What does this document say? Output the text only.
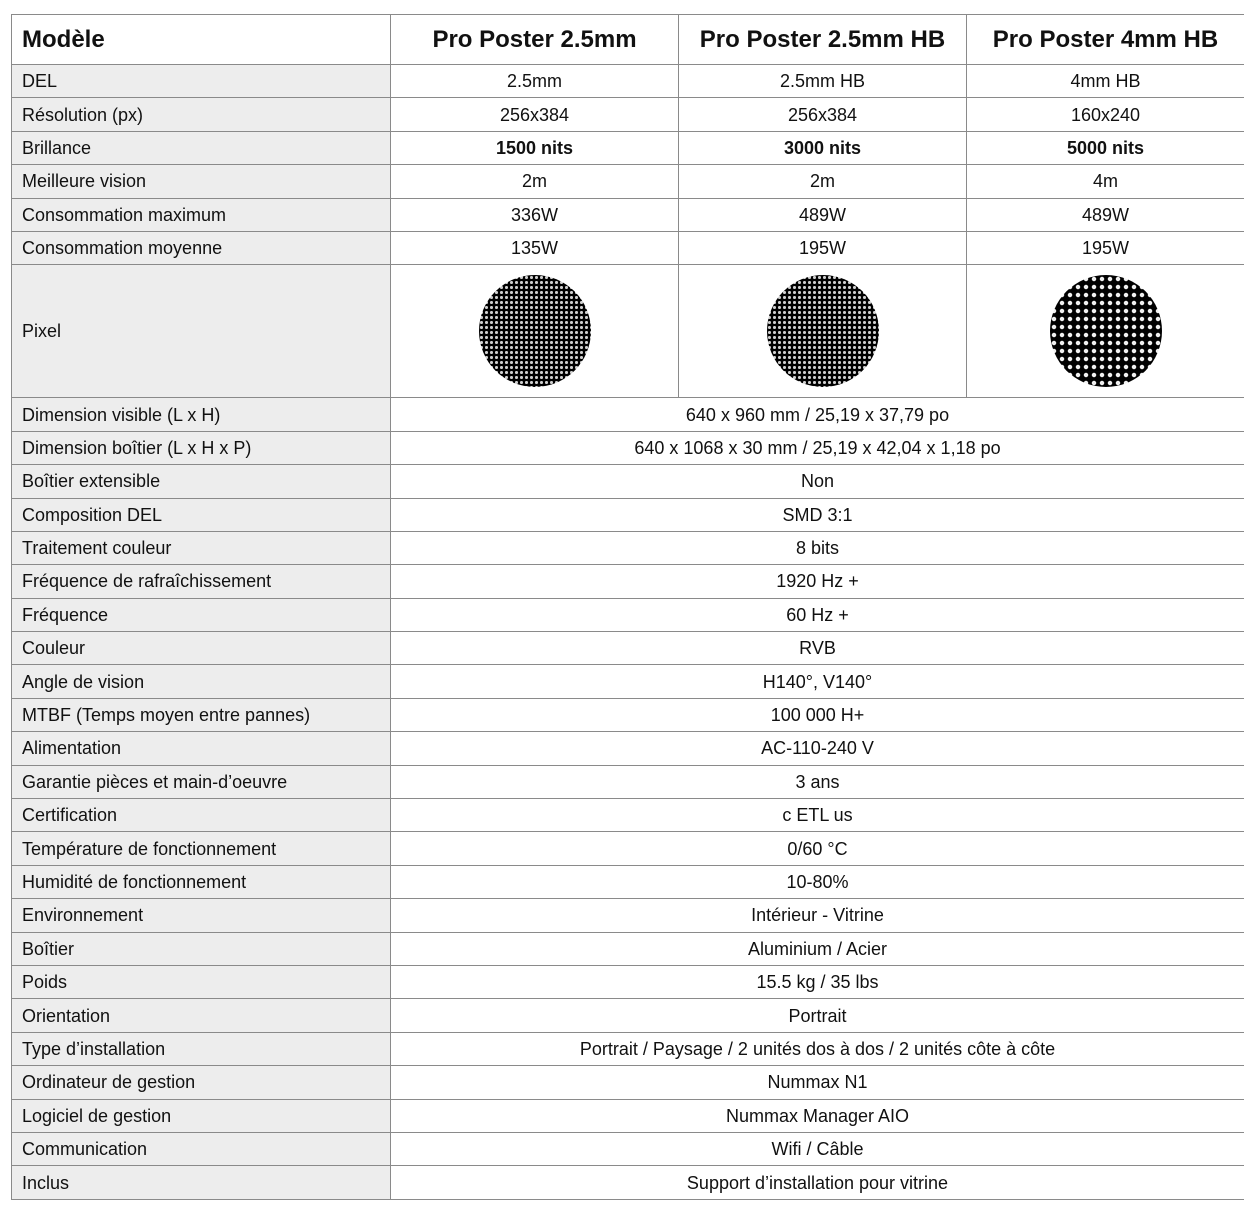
Modèle	Pro Poster 2.5mm	Pro Poster 2.5mm HB	Pro Poster 4mm HB
DEL	2.5mm	2.5mm HB	4mm HB
Résolution (px)	256x384	256x384	160x240
Brillance	1500 nits	3000 nits	5000 nits
Meilleure vision	2m	2m	4m
Consommation maximum	336W	489W	489W
Consommation moyenne	135W	195W	195W
Pixel			
Dimension visible (L x H)	640 x 960 mm / 25,19 x 37,79 po		
Dimension boîtier (L x H x P)	640 x 1068 x 30 mm / 25,19 x 42,04 x 1,18 po		
Boîtier extensible	Non		
Composition DEL	SMD 3:1		
Traitement couleur	8 bits		
Fréquence de rafraîchissement	1920 Hz +		
Fréquence	60 Hz +		
Couleur	RVB		
Angle de vision	H140°, V140°		
MTBF (Temps moyen entre pannes)	100 000 H+		
Alimentation	AC-110-240 V		
Garantie pièces et main-d’oeuvre	3 ans		
Certification	c ETL us		
Température de fonctionnement	0/60 °C		
Humidité de fonctionnement	10-80%		
Environnement	Intérieur - Vitrine		
Boîtier	Aluminium / Acier		
Poids	15.5 kg / 35 lbs		
Orientation	Portrait		
Type d’installation	Portrait / Paysage / 2 unités dos à dos / 2 unités côte à côte		
Ordinateur de gestion	Nummax N1		
Logiciel de gestion	Nummax Manager AIO		
Communication	Wifi / Câble		
Inclus	Support d’installation pour vitrine		
